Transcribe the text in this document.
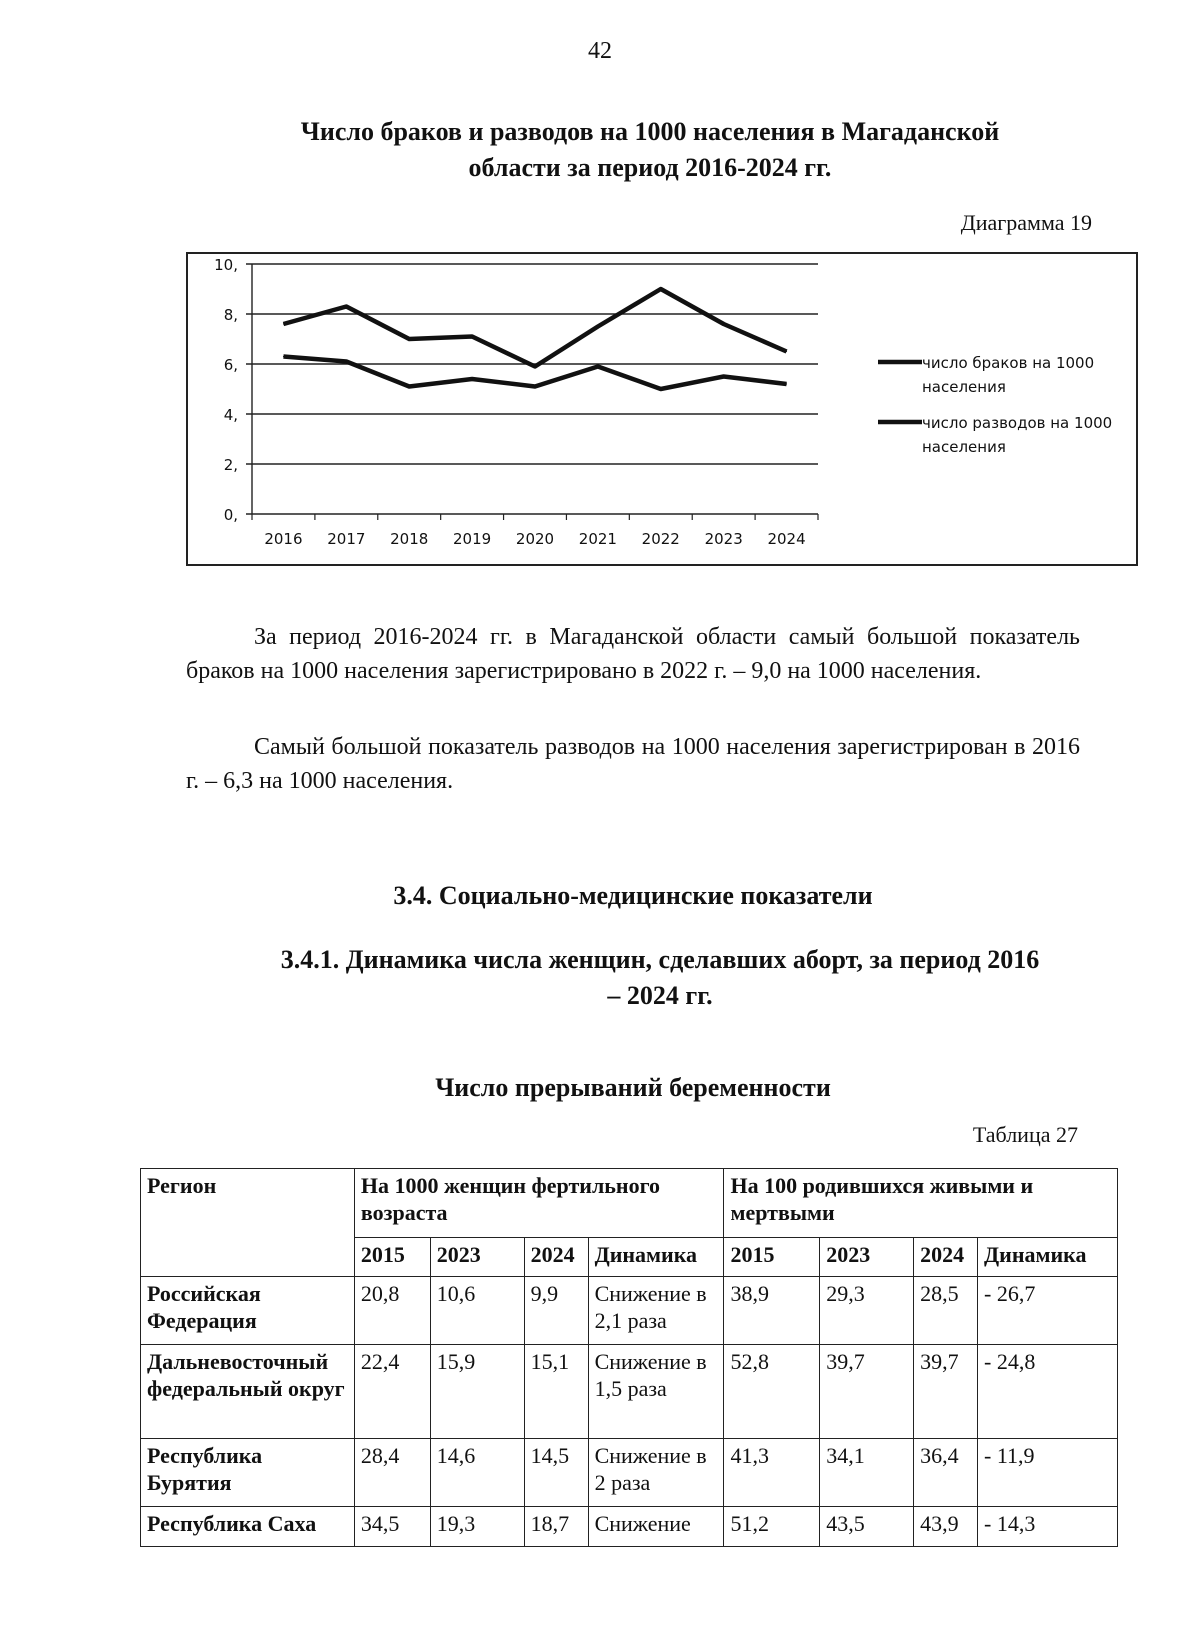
42
Число браков и разводов на 1000 населения в Магаданской
области за период 2016-2024 гг.
Диаграмма 19
10,
8,
6,
4,
2,
0,
2016 2017 2018 2019 2020 2021 2022 2023 2024
число браков на 1000
населения
число разводов на 1000
населения

За период 2016-2024 гг. в Магаданской области самый большой показатель браков на 1000 населения зарегистрировано в 2022 г. – 9,0 на 1000 населения.

Самый большой показатель разводов на 1000 населения зарегистрирован в 2016 г. – 6,3 на 1000 населения.

3.4. Социально-медицинские показатели
3.4.1. Динамика числа женщин, сделавших аборт, за период 2016
– 2024 гг.
Число прерываний беременности
Таблица 27
Регион	На 1000 женщин фертильного возраста				На 100 родившихся живыми и мертвыми			
	2015	2023	2024	Динамика	2015	2023	2024	Динамика
Российская Федерация	20,8	10,6	9,9	Снижение в 2,1 раза	38,9	29,3	28,5	- 26,7
Дальневосточный федеральный округ	22,4	15,9	15,1	Снижение в 1,5 раза	52,8	39,7	39,7	- 24,8
Республика Бурятия	28,4	14,6	14,5	Снижение в 2 раза	41,3	34,1	36,4	- 11,9
Республика Саха	34,5	19,3	18,7	Снижение	51,2	43,5	43,9	- 14,3
